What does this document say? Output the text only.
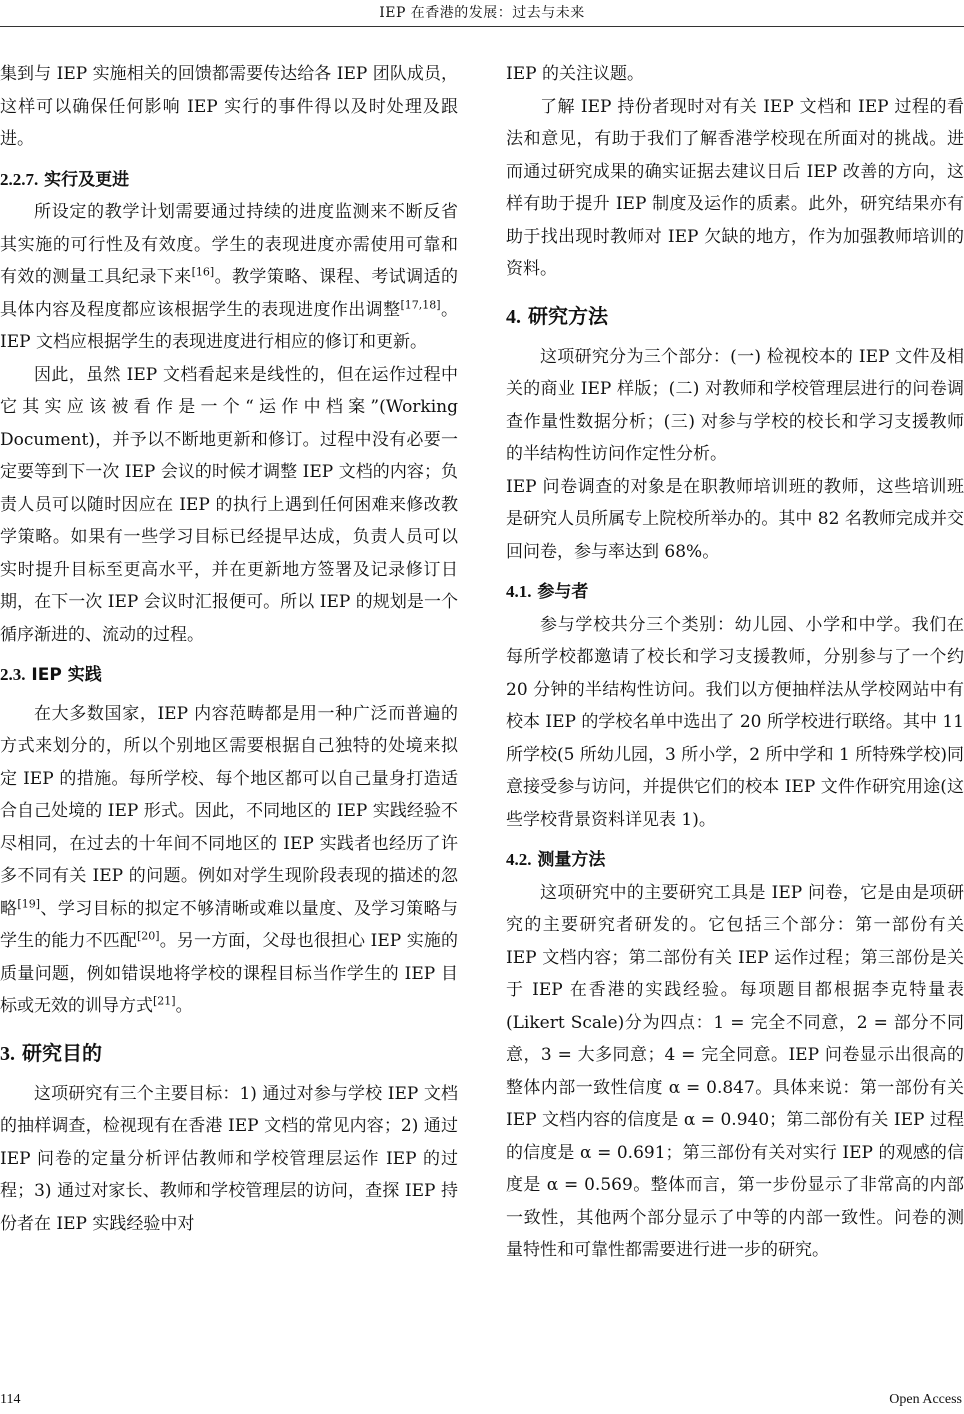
IEP 在香港的发展：过去与未来

集到与 IEP 实施相关的回馈都需要传达给各 IEP 团队成员，这样可以确保任何影响 IEP 实行的事件得以及时处理及跟进。

2.2.7. 实行及更进

所设定的教学计划需要通过持续的进度监测来不断反省其实施的可行性及有效度。学生的表现进度亦需使用可靠和有效的测量工具纪录下来[16]。教学策略、课程、考试调适的具体内容及程度都应该根据学生的表现进度作出调整[17,18]。IEP 文档应根据学生的表现进度进行相应的修订和更新。

因此，虽然 IEP 文档看起来是线性的，但在运作过程中它其实应该被看作是一个“运作中档案”(Working Document)，并予以不断地更新和修订。过程中没有必要一定要等到下一次 IEP 会议的时候才调整 IEP 文档的内容；负责人员可以随时因应在 IEP 的执行上遇到任何困难来修改教学策略。如果有一些学习目标已经提早达成，负责人员可以实时提升目标至更高水平，并在更新地方签署及记录修订日期，在下一次 IEP 会议时汇报便可。所以 IEP 的规划是一个循序渐进的、流动的过程。

2.3. IEP 实践

在大多数国家，IEP 内容范畴都是用一种广泛而普遍的方式来划分的，所以个别地区需要根据自己独特的处境来拟定 IEP 的措施。每所学校、每个地区都可以自己量身打造适合自己处境的 IEP 形式。因此，不同地区的 IEP 实践经验不尽相同，在过去的十年间不同地区的 IEP 实践者也经历了许多不同有关 IEP 的问题。例如对学生现阶段表现的描述的忽略[19]、学习目标的拟定不够清晰或难以量度、及学习策略与学生的能力不匹配[20]。另一方面，父母也很担心 IEP 实施的质量问题，例如错误地将学校的课程目标当作学生的 IEP 目标或无效的训导方式[21]。

3. 研究目的

这项研究有三个主要目标：1) 通过对参与学校 IEP 文档的抽样调查，检视现有在香港 IEP 文档的常见内容；2) 通过 IEP 问卷的定量分析评估教师和学校管理层运作 IEP 的过程；3) 通过对家长、教师和学校管理层的访问，查探 IEP 持份者在 IEP 实践经验中对

IEP 的关注议题。

了解 IEP 持份者现时对有关 IEP 文档和 IEP 过程的看法和意见，有助于我们了解香港学校现在所面对的挑战。进而通过研究成果的确实证据去建议日后 IEP 改善的方向，这样有助于提升 IEP 制度及运作的质素。此外，研究结果亦有助于找出现时教师对 IEP 欠缺的地方，作为加强教师培训的资料。

4. 研究方法

这项研究分为三个部分：(一) 检视校本的 IEP 文件及相关的商业 IEP 样版；(二) 对教师和学校管理层进行的问卷调查作量性数据分析；(三) 对参与学校的校长和学习支援教师的半结构性访问作定性分析。

IEP 问卷调查的对象是在职教师培训班的教师，这些培训班是研究人员所属专上院校所举办的。其中 82 名教师完成并交回问卷，参与率达到 68%。

4.1. 参与者

参与学校共分三个类别：幼儿园、小学和中学。我们在每所学校都邀请了校长和学习支援教师，分别参与了一个约 20 分钟的半结构性访问。我们以方便抽样法从学校网站中有校本 IEP 的学校名单中选出了 20 所学校进行联络。其中 11 所学校(5 所幼儿园，3 所小学，2 所中学和 1 所特殊学校)同意接受参与访问，并提供它们的校本 IEP 文件作研究用途(这些学校背景资料详见表 1)。

4.2. 测量方法

这项研究中的主要研究工具是 IEP 问卷，它是由是项研究的主要研究者研发的。它包括三个部分：第一部份有关 IEP 文档内容；第二部份有关 IEP 运作过程；第三部份是关于 IEP 在香港的实践经验。每项题目都根据李克特量表(Likert Scale)分为四点：1 = 完全不同意，2 = 部分不同意，3 = 大多同意；4 = 完全同意。IEP 问卷显示出很高的整体内部一致性信度 α = 0.847。具体来说：第一部份有关 IEP 文档内容的信度是 α = 0.940；第二部份有关 IEP 过程的信度是 α = 0.691；第三部份有关对实行 IEP 的观感的信度是 α = 0.569。整体而言，第一步份显示了非常高的内部一致性，其他两个部分显示了中等的内部一致性。问卷的测量特性和可靠性都需要进行进一步的研究。

114	Open Access
